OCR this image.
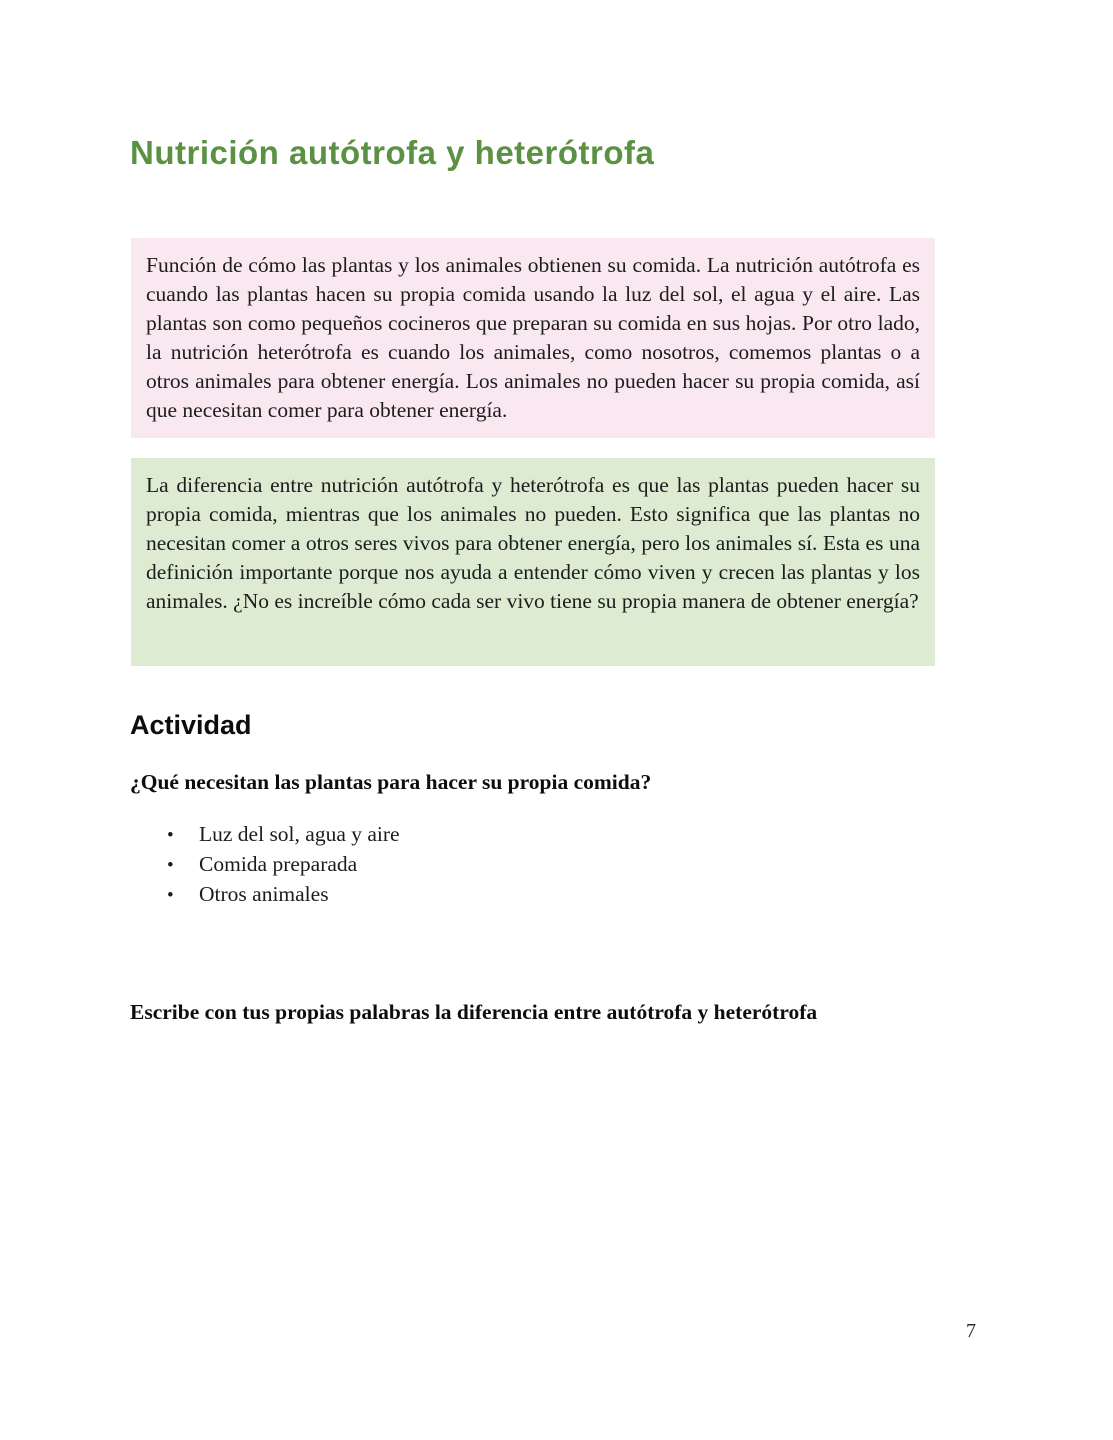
Nutrición autótrofa y heterótrofa

Función de cómo las plantas y los animales obtienen su comida. La nutrición autótrofa es cuando las plantas hacen su propia comida usando la luz del sol, el agua y el aire. Las plantas son como pequeños cocineros que preparan su comida en sus hojas. Por otro lado, la nutrición heterótrofa es cuando los animales, como nosotros, comemos plantas o a otros animales para obtener energía. Los animales no pueden hacer su propia comida, así que necesitan comer para obtener energía.

La diferencia entre nutrición autótrofa y heterótrofa es que las plantas pueden hacer su propia comida, mientras que los animales no pueden. Esto significa que las plantas no necesitan comer a otros seres vivos para obtener energía, pero los animales sí. Esta es una definición importante porque nos ayuda a entender cómo viven y crecen las plantas y los animales. ¿No es increíble cómo cada ser vivo tiene su propia manera de obtener energía?

Actividad

¿Qué necesitan las plantas para hacer su propia comida?

•	Luz del sol, agua y aire
•	Comida preparada
•	Otros animales

Escribe con tus propias palabras la diferencia entre autótrofa y heterótrofa

7
